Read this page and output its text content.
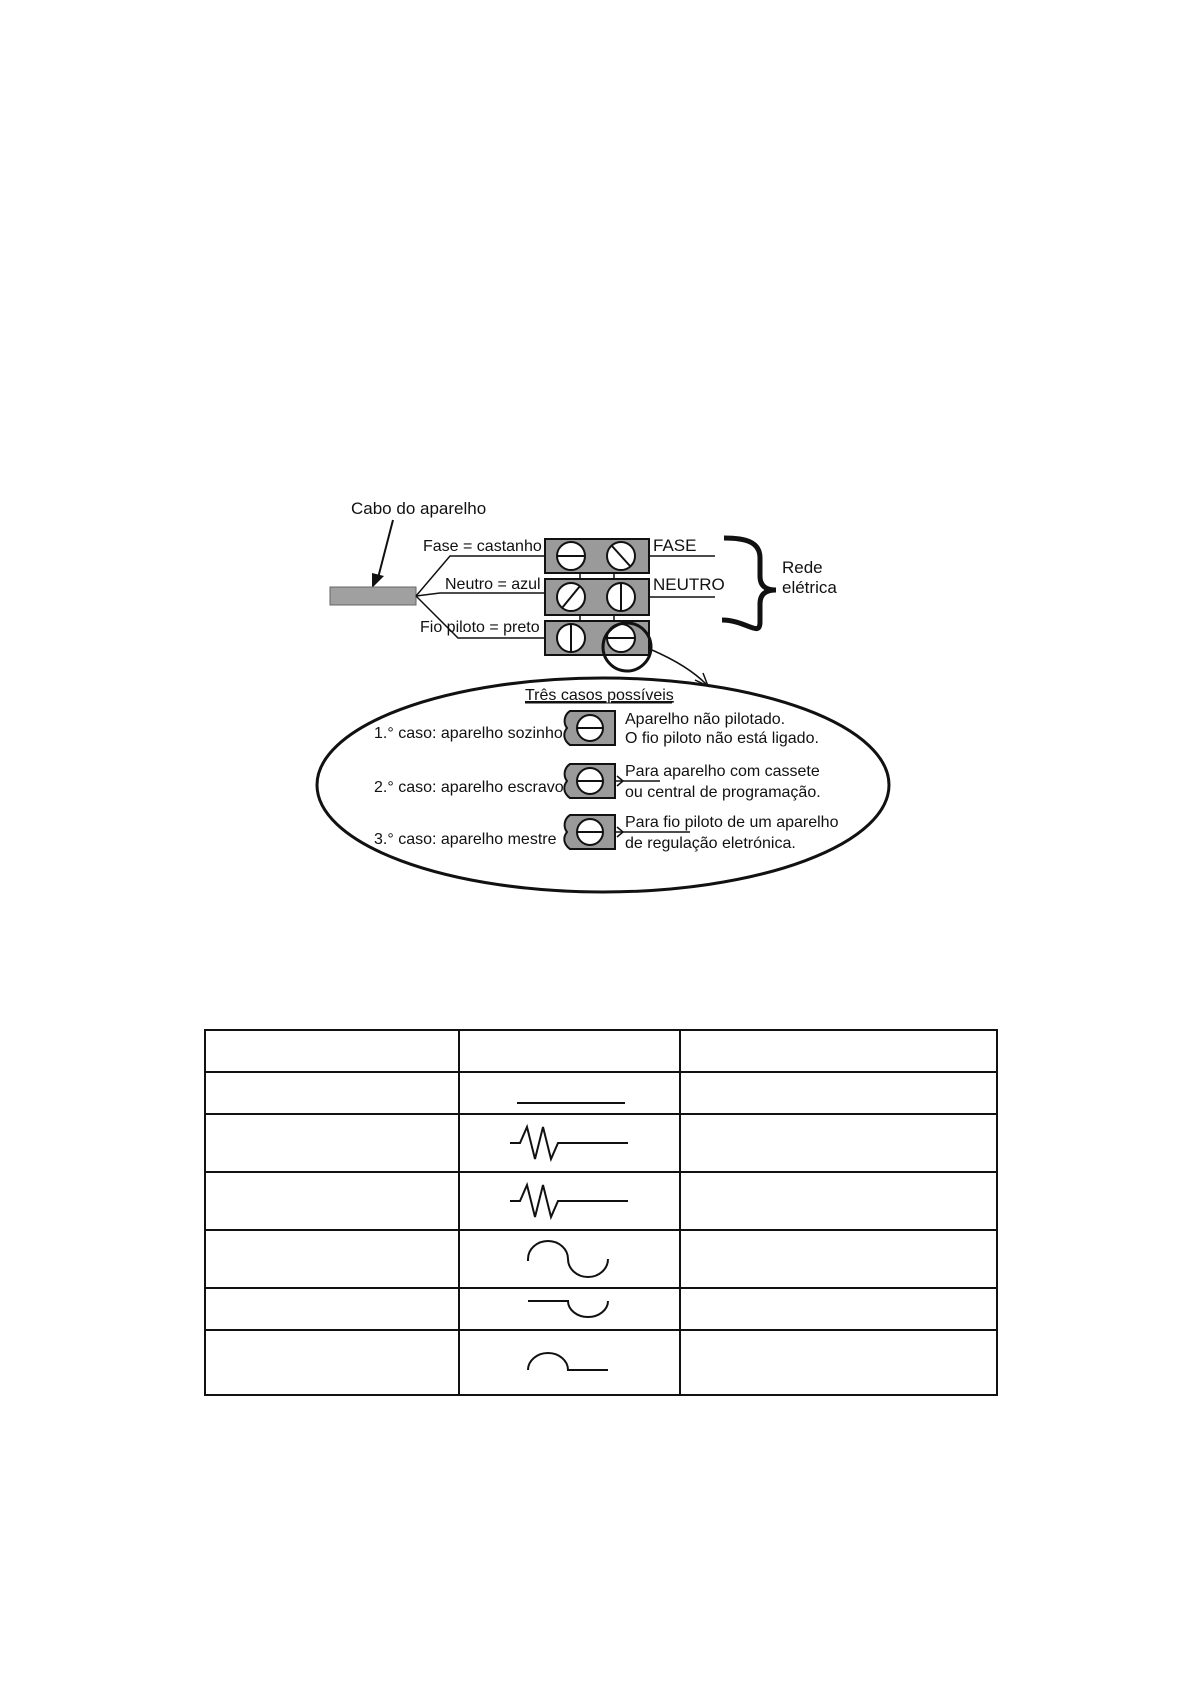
Cabo do aparelho
Fase = castanho
Neutro = azul
Fio piloto = preto
FASE
NEUTRO
Rede
elétrica
Três casos possíveis
1.° caso: aparelho sozinho
Aparelho não pilotado.
O fio piloto não está ligado.
2.° caso: aparelho escravo
Para aparelho com cassete
ou central de programação.
3.° caso: aparelho mestre
Para fio piloto de um aparelho
de regulação eletrónica.
